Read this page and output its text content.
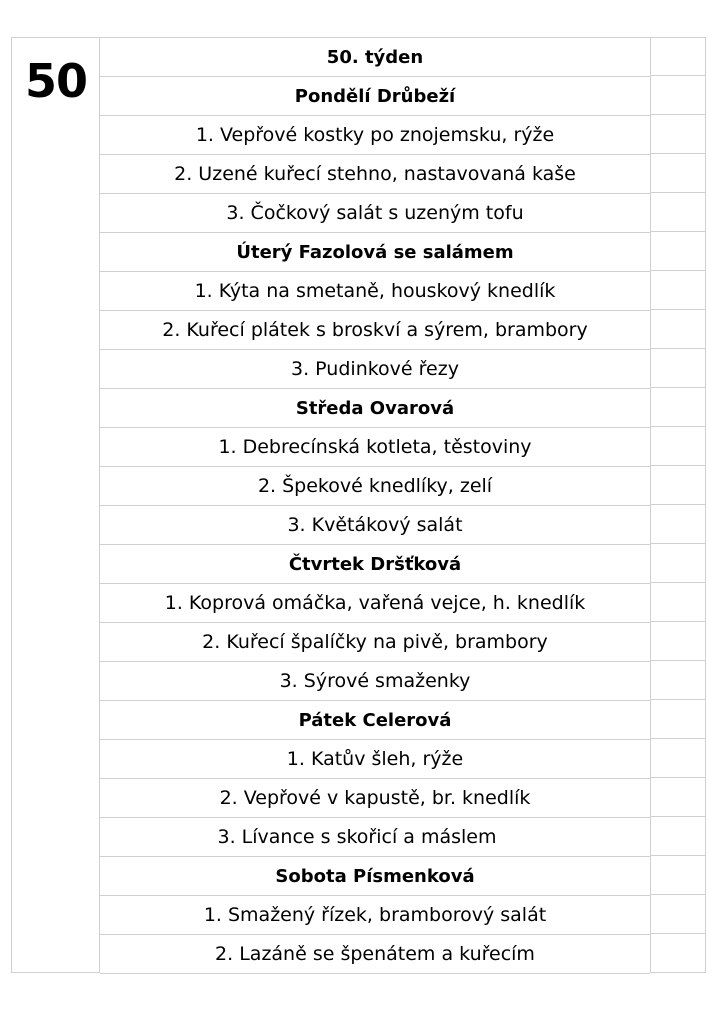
50	50. týden
Pondělí Drůbeží
1. Vepřové kostky po znojemsku, rýže
2. Uzené kuřecí stehno, nastavovaná kaše
3. Čočkový salát s uzeným tofu
Úterý Fazolová se salámem
1. Kýta na smetaně, houskový knedlík
2. Kuřecí plátek s broskví a sýrem, brambory
3. Pudinkové řezy
Středa Ovarová
1. Debrecínská kotleta, těstoviny
2. Špekové knedlíky, zelí
3. Květákový salát
Čtvrtek Dršťková
1. Koprová omáčka, vařená vejce, h. knedlík
2. Kuřecí špalíčky na pivě, brambory
3. Sýrové smaženky
Pátek Celerová
1. Katův šleh, rýže
2. Vepřové v kapustě, br. knedlík
3. Lívance s skořicí a máslem
Sobota Písmenková
1. Smažený řízek, bramborový salát
2. Lazáně se špenátem a kuřecím
